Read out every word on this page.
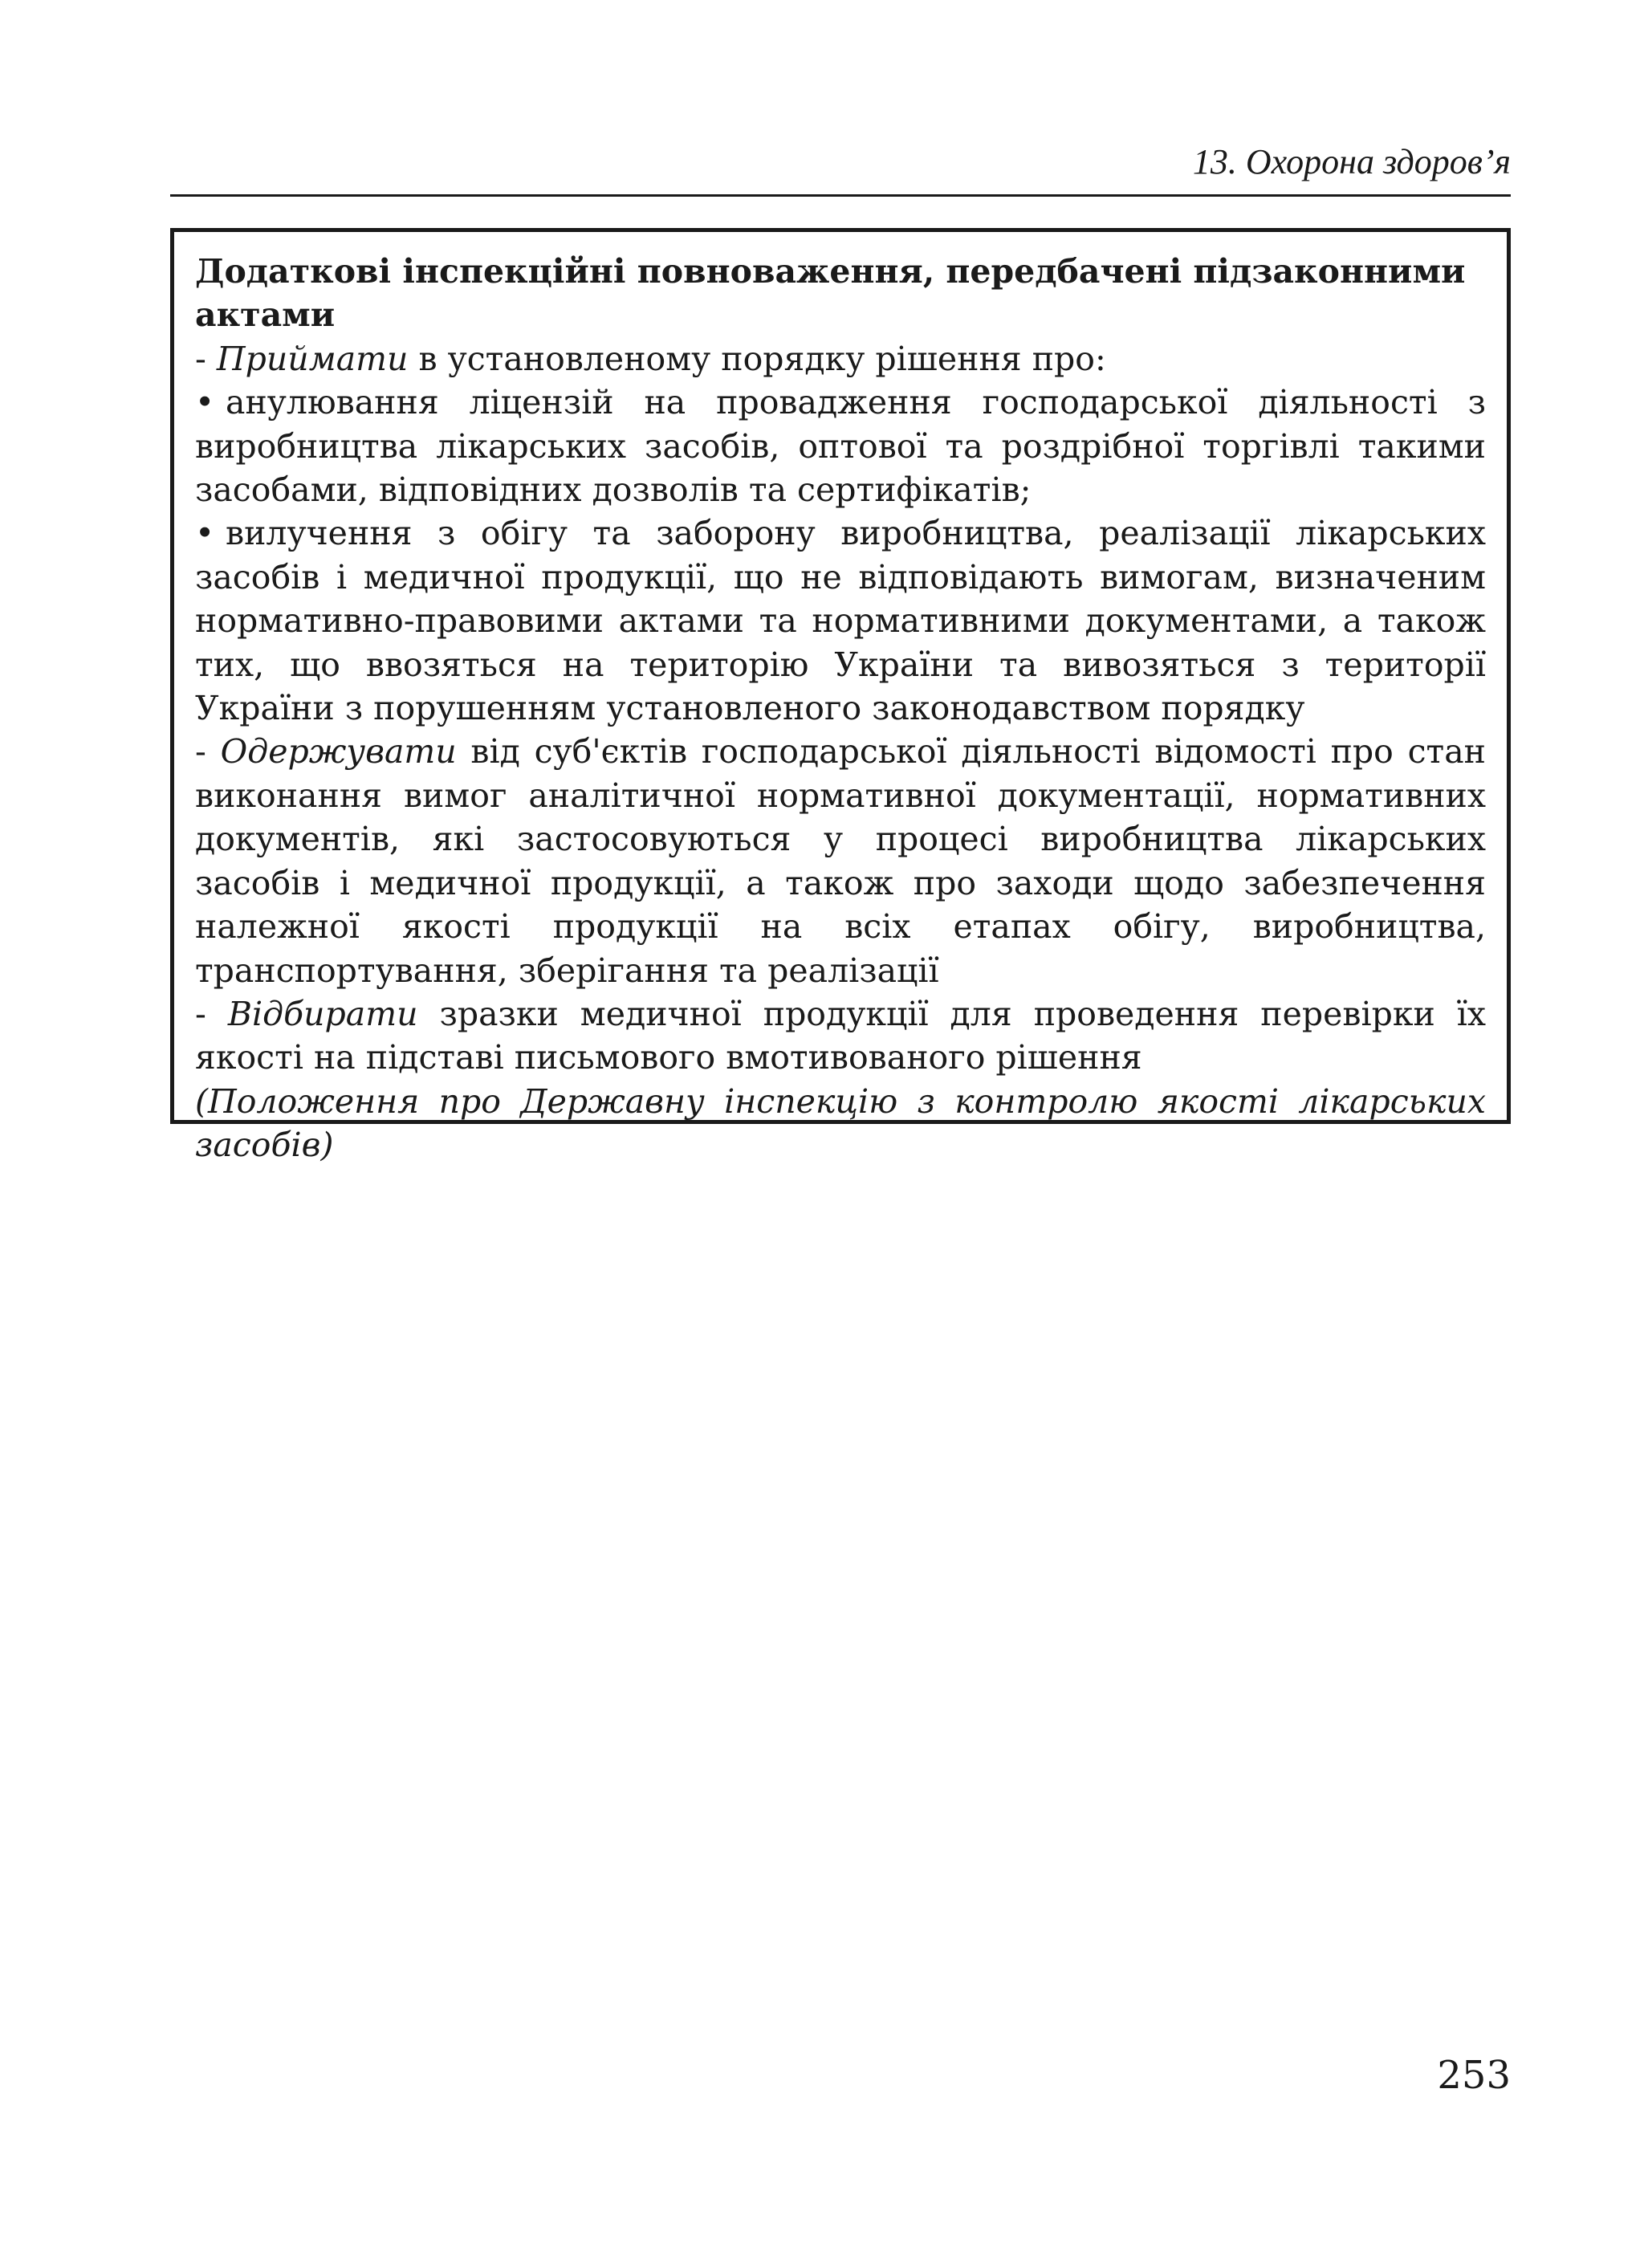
13. Охорона здоров’я

Додаткові інспекційні повноваження, передбачені підзаконними актами

- Приймати в установленому порядку рішення про:

• анулювання ліцензій на провадження господарської діяльності з виробництва лікарських засобів, оптової та роздрібної торгівлі такими засобами, відповідних дозволів та сертифікатів;

• вилучення з обігу та заборону виробництва, реалізації лікарських засобів і медичної продукції, що не відповідають вимогам, визначеним нормативно-правовими актами та нормативними документами, а також тих, що ввозяться на територію України та вивозяться з території України з порушенням установленого законодавством порядку

- Одержувати від суб'єктів господарської діяльності відомості про стан виконання вимог аналітичної нормативної документації, нормативних документів, які застосовуються у процесі виробництва лікарських засобів і медичної продукції, а також про заходи щодо забезпечення належної якості продукції на всіх етапах обігу, виробництва, транспортування, зберігання та реалізації

- Відбирати зразки медичної продукції для проведення перевірки їх якості на підставі письмового вмотивованого рішення

(Положення про Державну інспекцію з контролю якості лікарських засобів)

253
